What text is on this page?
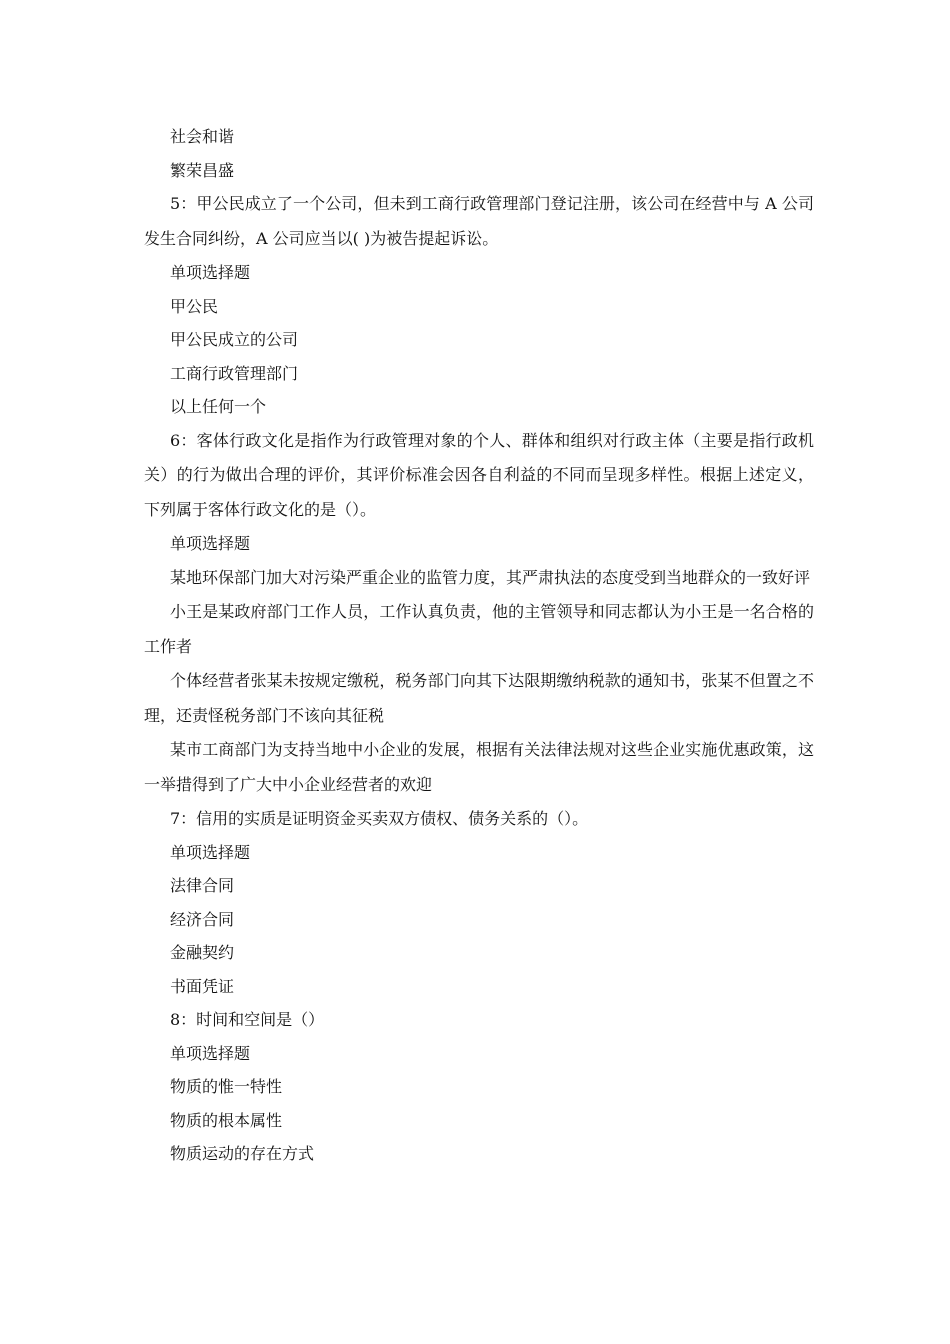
社会和谐
繁荣昌盛
5：甲公民成立了一个公司，但未到工商行政管理部门登记注册，该公司在经营中与 A 公司发生合同纠纷，A 公司应当以( )为被告提起诉讼。
单项选择题
甲公民
甲公民成立的公司
工商行政管理部门
以上任何一个
6：客体行政文化是指作为行政管理对象的个人、群体和组织对行政主体（主要是指行政机关）的行为做出合理的评价，其评价标准会因各自利益的不同而呈现多样性。根据上述定义，下列属于客体行政文化的是（）。
单项选择题
某地环保部门加大对污染严重企业的监管力度，其严肃执法的态度受到当地群众的一致好评
小王是某政府部门工作人员，工作认真负责，他的主管领导和同志都认为小王是一名合格的工作者
个体经营者张某未按规定缴税，税务部门向其下达限期缴纳税款的通知书，张某不但置之不理，还责怪税务部门不该向其征税
某市工商部门为支持当地中小企业的发展，根据有关法律法规对这些企业实施优惠政策，这一举措得到了广大中小企业经营者的欢迎
7：信用的实质是证明资金买卖双方债权、债务关系的（）。
单项选择题
法律合同
经济合同
金融契约
书面凭证
8：时间和空间是（）
单项选择题
物质的惟一特性
物质的根本属性
物质运动的存在方式
